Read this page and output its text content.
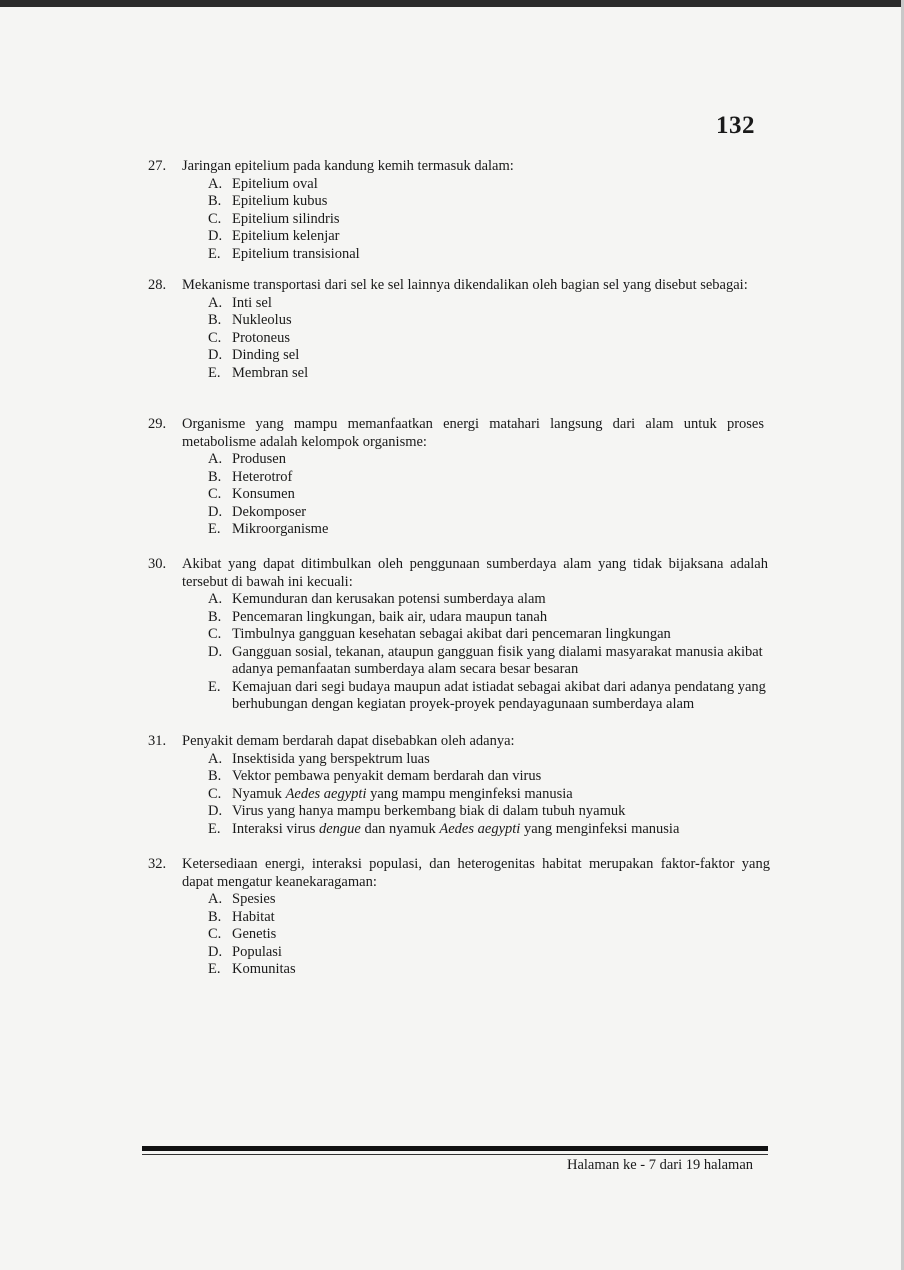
132
27.	Jaringan epitelium pada kandung kemih termasuk dalam:
A. Epitelium oval
B. Epitelium kubus
C. Epitelium silindris
D. Epitelium kelenjar
E. Epitelium transisional
28.	Mekanisme transportasi dari sel ke sel lainnya dikendalikan oleh bagian sel yang disebut sebagai:
A. Inti sel
B. Nukleolus
C. Protoneus
D. Dinding sel
E. Membran sel
29.	Organisme yang mampu memanfaatkan energi matahari langsung dari alam untuk proses metabolisme adalah kelompok organisme:
A. Produsen
B. Heterotrof
C. Konsumen
D. Dekomposer
E. Mikroorganisme
30.	Akibat yang dapat ditimbulkan oleh penggunaan sumberdaya alam yang tidak bijaksana adalah tersebut di bawah ini kecuali:
A. Kemunduran dan kerusakan potensi sumberdaya alam
B. Pencemaran lingkungan, baik air, udara maupun tanah
C. Timbulnya gangguan kesehatan sebagai akibat dari pencemaran lingkungan
D. Gangguan sosial, tekanan, ataupun gangguan fisik yang dialami masyarakat manusia akibat adanya pemanfaatan sumberdaya alam secara besar besaran
E. Kemajuan dari segi budaya maupun adat istiadat sebagai akibat dari adanya pendatang yang berhubungan dengan kegiatan proyek-proyek pendayagunaan sumberdaya alam
31.	Penyakit demam berdarah dapat disebabkan oleh adanya:
A. Insektisida yang berspektrum luas
B. Vektor pembawa penyakit demam berdarah dan virus
C. Nyamuk Aedes aegypti yang mampu menginfeksi manusia
D. Virus yang hanya mampu berkembang biak di dalam tubuh nyamuk
E. Interaksi virus dengue dan nyamuk Aedes aegypti yang menginfeksi manusia
32.	Ketersediaan energi, interaksi populasi, dan heterogenitas habitat merupakan faktor-faktor yang dapat mengatur keanekaragaman:
A. Spesies
B. Habitat
C. Genetis
D. Populasi
E. Komunitas
Halaman ke - 7 dari 19 halaman
